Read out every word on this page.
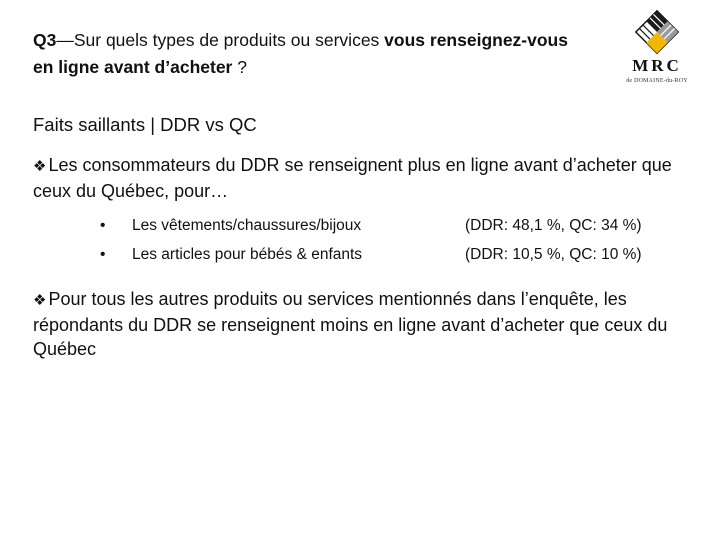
Q3—Sur quels types de produits ou services vous renseignez-vous en ligne avant d’acheter ?	MRC
de DOMAINE-du-ROY
Faits saillants | DDR vs QC
❖ Les consommateurs du DDR se renseignent plus en ligne avant d’acheter que ceux du Québec, pour…
• Les vêtements/chaussures/bijoux	(DDR: 48,1 %, QC: 34 %)
• Les articles pour bébés & enfants	(DDR: 10,5 %, QC: 10 %)
❖ Pour tous les autres produits ou services mentionnés dans l’enquête, les répondants du DDR se renseignent moins en ligne avant d’acheter que ceux du Québec
